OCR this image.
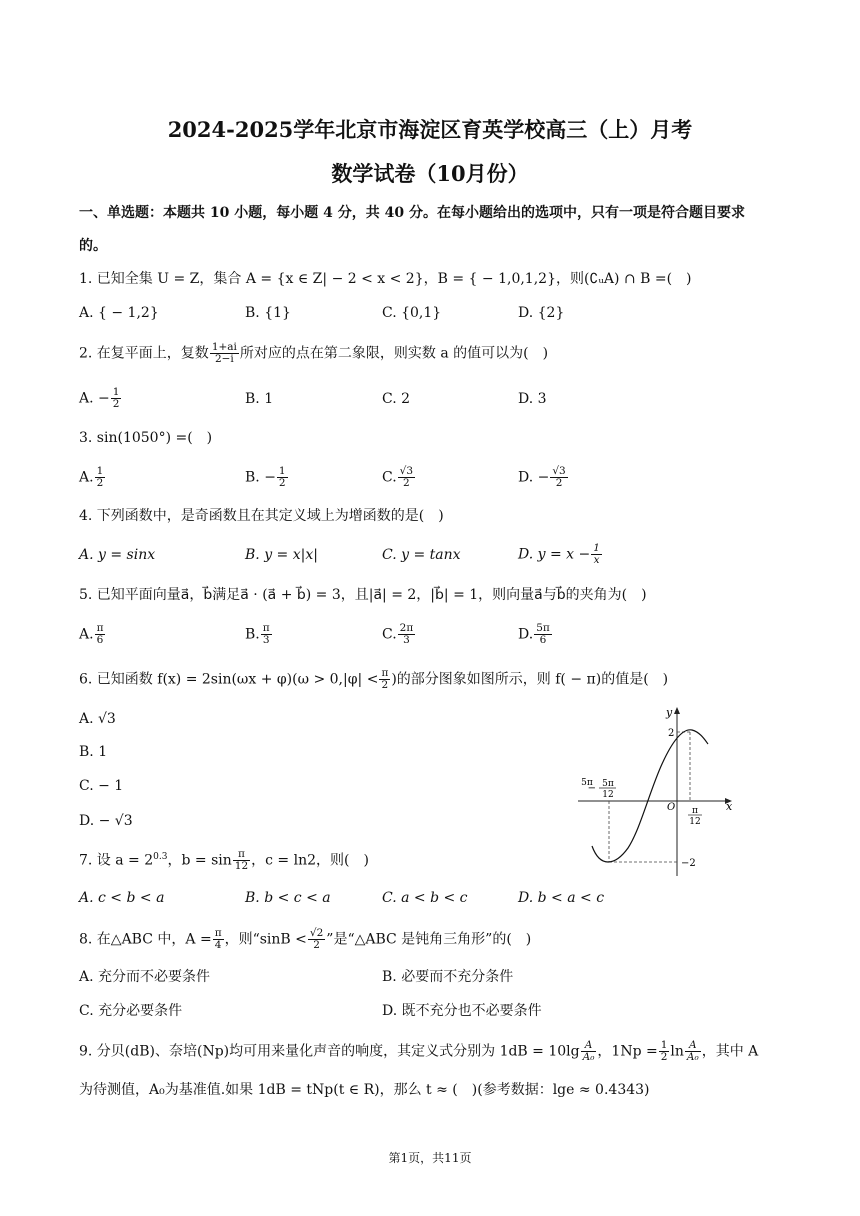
2024-2025学年北京市海淀区育英学校高三（上）月考
数学试卷（10月份）
一、单选题：本题共 10 小题，每小题 4 分，共 40 分。在每小题给出的选项中，只有一项是符合题目要求
的。
1. 已知全集 U = Z，集合 A = {x ∈ Z| − 2 < x < 2}，B = { − 1,0,1,2}，则(∁ᵤA) ∩ B =(　)
A. { − 1,2}	B. {1}	C. {0,1}	D. {2}
2. 在复平面上，复数 $\frac{1+ai}{2-i}$ 所对应的点在第二象限，则实数 a 的值可以为(　)
A. − $\frac{1}{2}$	B. 1	C. 2	D. 3
3. sin(1050°) =(　)
A. $\frac{1}{2}$	B. − $\frac{1}{2}$	C. $\frac{√3}{2}$	D. − $\frac{√3}{2}$
4. 下列函数中，是奇函数且在其定义域上为增函数的是(　)
A. y = sinx	B. y = x|x|	C. y = tanx	D. $y = x - \frac{1}{x}$
5. 已知平面向量a⃗，b⃗满足a⃗ · (a⃗ + b⃗) = 3，且|a⃗| = 2，|b⃗| = 1，则向量a⃗与b⃗的夹角为(　)
A. $\frac{\pi}{6}$	B. $\frac{\pi}{3}$	C. $\frac{2\pi}{3}$	D. $\frac{5\pi}{6}$
6. 已知函数 $f(x) = 2\sin(\omega x + \varphi)(\omega > 0,|\varphi| < \frac{\pi}{2}$ )的部分图象如图所示，则 f( − π)的值是(　)
A. √3
B. 1
C. − 1
D. − √3
y
x
O
2
−2
5π
− 5π
12
π
12
7. 设 $a = 2^{0.3}$，$b = \sin \frac{\pi}{12}$ ，c = ln2，则(　)
A. c < b < a	B. b < c < a	C. a < b < c	D. b < a < c
8. 在△ABC 中，$A = \frac{\pi}{4}$ ，则“$\sin B < \frac{√2}{2}$ ”是“△ABC 是钝角三角形”的(　)
A. 充分而不必要条件	B. 必要而不充分条件
C. 充分必要条件	D. 既不充分也不必要条件
9. 分贝(dB)、奈培(Np)均可用来量化声音的响度，其定义式分别为 $1dB = 10\lg \frac{A}{\text{A₀}}$ ，$1Np = \frac{1}{2}$ $\ln \frac{A}{\text{A₀}}$ ，其中 A
为待测值，A₀为基准值.如果 1dB = tNp(t ∈ R)，那么 t ≈ (　)(参考数据：lge ≈ 0.4343)
第1页，共11页
